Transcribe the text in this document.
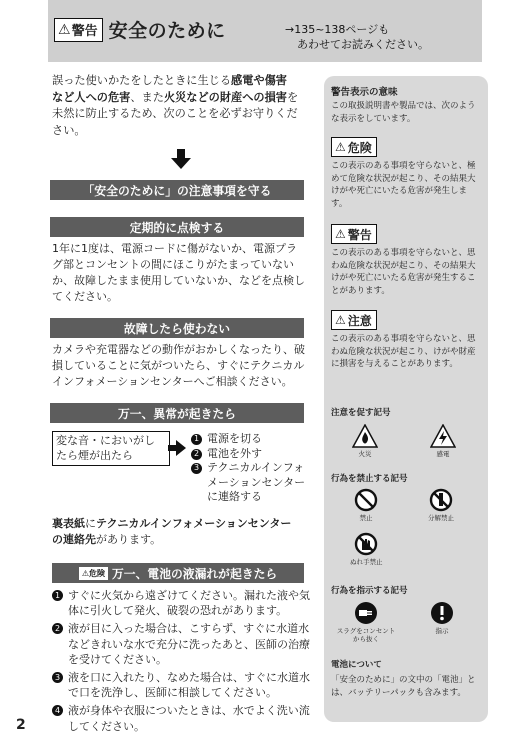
⚠ 警告 安全のために	→135~138ページも
あわせてお読みください。
誤った使いかたをしたときに生じる感電や傷害
など人への危害、また火災などの財産への損害を
未然に防止するため、次のことを必ずお守りくだ
さい。
「安全のために」の注意事項を守る
定期的に点検する
1年に1度は、電源コードに傷がないか、電源プラグ部とコンセントの間にほこりがたまっていないか、故障したまま使用していないか、などを点検してください。
故障したら使わない
カメラや充電器などの動作がおかしくなったり、破損していることに気がついたら、すぐにテクニカルインフォメーションセンターへご相談ください。
万一、異常が起きたら
変な音・においがし
たら煙が出たら
1 電源を切る
2 電池を外す
3 テクニカルインフォ
メーションセンター
に連絡する
裏表紙にテクニカルインフォメーションセンター
の連絡先があります。
⚠危険 万一、電池の液漏れが起きたら
1 すぐに火気から遠ざけてください。漏れた液や気体に引火して発火、破裂の恐れがあります。
2 液が目に入った場合は、こすらず、すぐに水道水などきれいな水で充分に洗ったあと、医師の治療を受けてください。
3 液を口に入れたり、なめた場合は、すぐに水道水で口を洗浄し、医師に相談してください。
4 液が身体や衣服についたときは、水でよく洗い流してください。
2
警告表示の意味
この取扱説明書や製品では、次のような表示をしています。
⚠ 危険
この表示のある事項を守らないと、極めて危険な状況が起こり、その結果大けがや死亡にいたる危害が発生します。
⚠ 警告
この表示のある事項を守らないと、思わぬ危険な状況が起こり、その結果大けがや死亡にいたる危害が発生することがあります。
⚠ 注意
この表示のある事項を守らないと、思わぬ危険な状況が起こり、けがや財産に損害を与えることがあります。
注意を促す記号
火災	感電
行為を禁止する記号
禁止	分解禁止
ぬれ手禁止
行為を指示する記号
スラグをコンセントから抜く
指示
電池について
「安全のために」の文中の「電池」とは、バッテリーパックも含みます。
